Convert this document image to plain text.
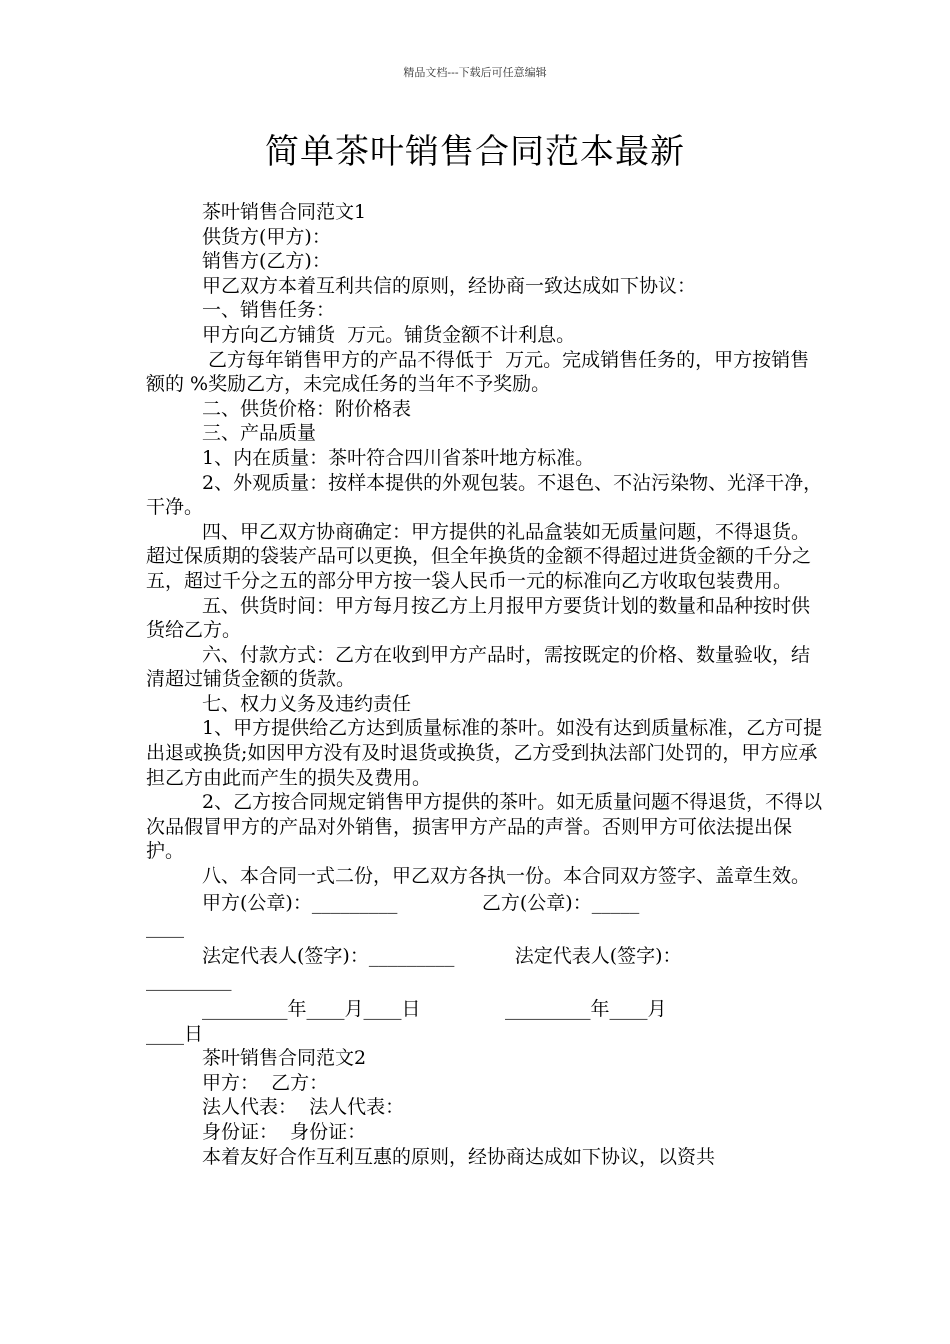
精品文档---下载后可任意编辑
简单茶叶销售合同范本最新

茶叶销售合同范文1

供货方(甲方)：

销售方(乙方)：

甲乙双方本着互利共信的原则，经协商一致达成如下协议：

一、销售任务：

甲方向乙方铺货  万元。铺货金额不计利息。

乙方每年销售甲方的产品不得低于  万元。完成销售任务的，甲方按销售额的 %奖励乙方，未完成任务的当年不予奖励。

二、供货价格：附价格表

三、产品质量

1、内在质量：茶叶符合四川省茶叶地方标准。

2、外观质量：按样本提供的外观包装。不退色、不沾污染物、光泽干净，干净。

四、甲乙双方协商确定：甲方提供的礼品盒装如无质量问题，不得退货。超过保质期的袋装产品可以更换，但全年换货的金额不得超过进货金额的千分之五，超过千分之五的部分甲方按一袋人民币一元的标准向乙方收取包装费用。

五、供货时间：甲方每月按乙方上月报甲方要货计划的数量和品种按时供货给乙方。

六、付款方式：乙方在收到甲方产品时，需按既定的价格、数量验收，结清超过铺货金额的货款。

七、权力义务及违约责任

1、甲方提供给乙方达到质量标准的茶叶。如没有达到质量标准，乙方可提出退或换货;如因甲方没有及时退货或换货，乙方受到执法部门处罚的，甲方应承担乙方由此而产生的损失及费用。

2、乙方按合同规定销售甲方提供的茶叶。如无质量问题不得退货，不得以次品假冒甲方的产品对外销售，损害甲方产品的声誉。否则甲方可依法提出保护。

八、本合同一式二份，甲乙双方各执一份。本合同双方签字、盖章生效。

甲方(公章)：_________              乙方(公章)：_____

____

法定代表人(签字)：_________          法定代表人(签字)：

_________

_________年____月____日              _________年____月

____日

茶叶销售合同范文2

甲方：  乙方：

法人代表：  法人代表：

身份证：  身份证：

本着友好合作互利互惠的原则，经协商达成如下协议，以资共
